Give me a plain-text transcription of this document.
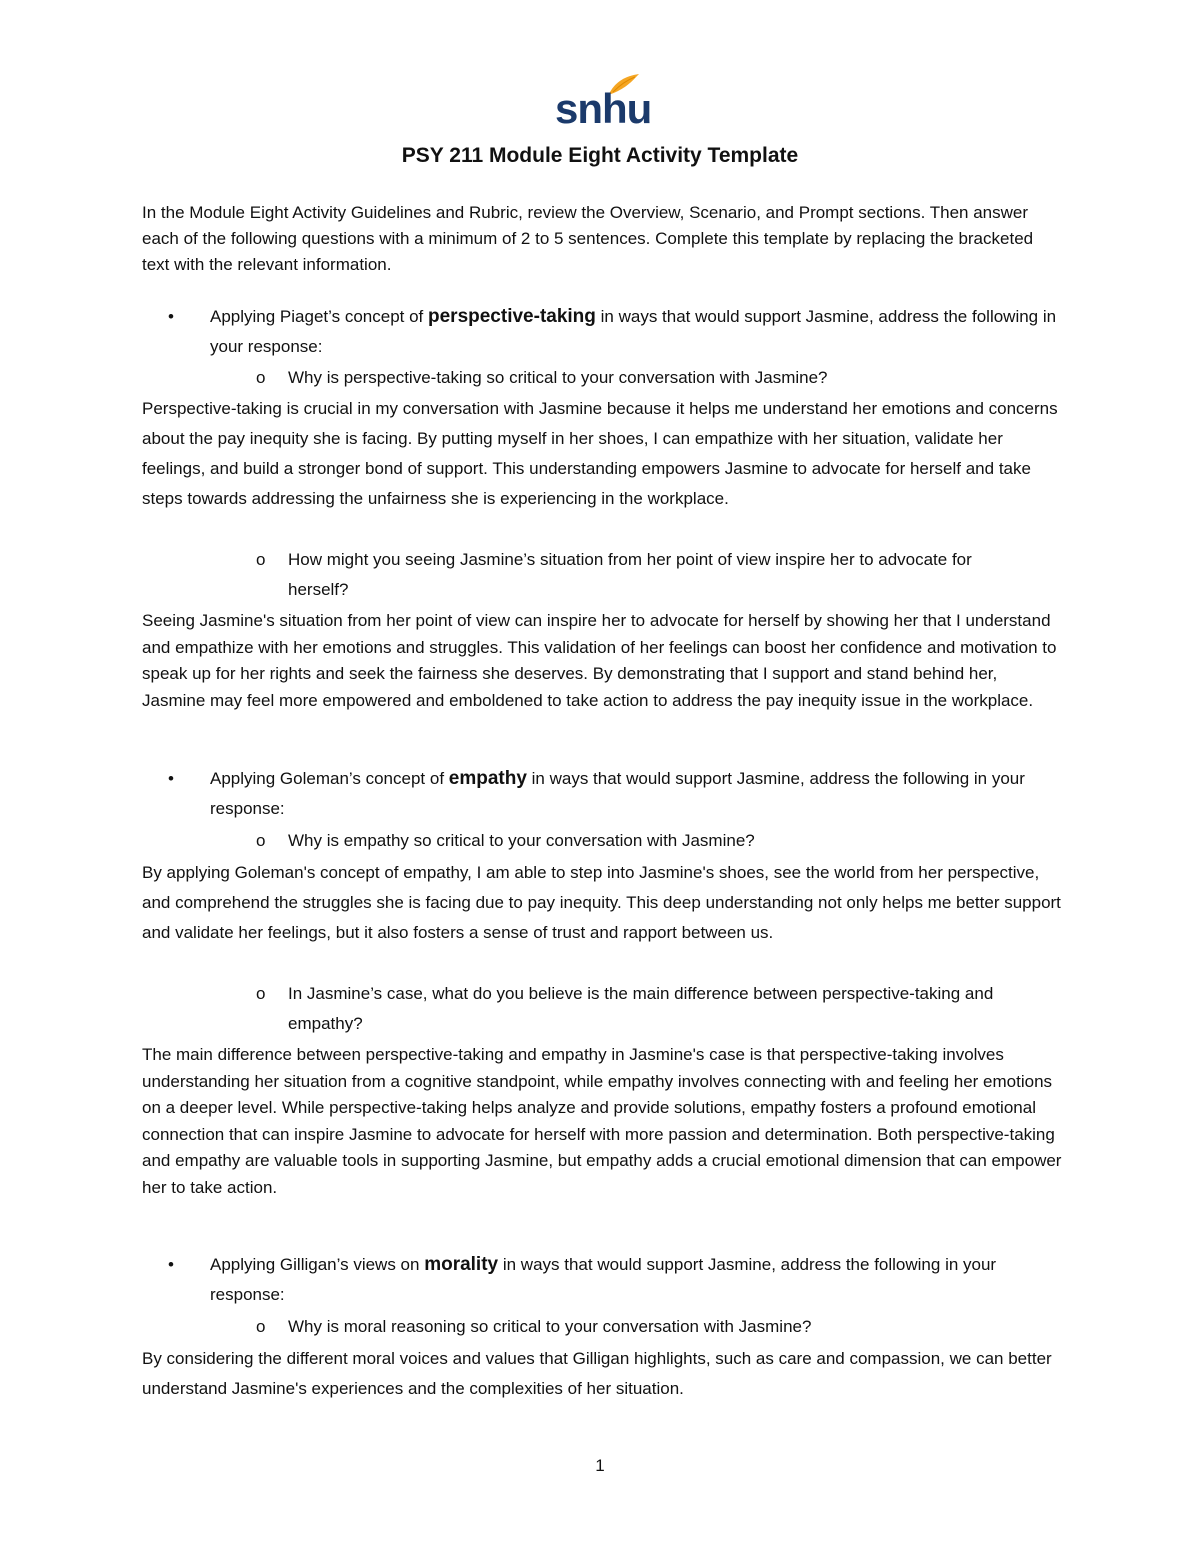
snhu
PSY 211 Module Eight Activity Template

In the Module Eight Activity Guidelines and Rubric, review the Overview, Scenario, and Prompt sections. Then answer each of the following questions with a minimum of 2 to 5 sentences. Complete this template by replacing the bracketed text with the relevant information.

• Applying Piaget’s concept of perspective-taking in ways that would support Jasmine, address the following in your response:
o Why is perspective-taking so critical to your conversation with Jasmine?

Perspective-taking is crucial in my conversation with Jasmine because it helps me understand her emotions and concerns about the pay inequity she is facing. By putting myself in her shoes, I can empathize with her situation, validate her feelings, and build a stronger bond of support. This understanding empowers Jasmine to advocate for herself and take steps towards addressing the unfairness she is experiencing in the workplace.

o How might you seeing Jasmine’s situation from her point of view inspire her to advocate for herself?

Seeing Jasmine's situation from her point of view can inspire her to advocate for herself by showing her that I understand and empathize with her emotions and struggles. This validation of her feelings can boost her confidence and motivation to speak up for her rights and seek the fairness she deserves. By demonstrating that I support and stand behind her, Jasmine may feel more empowered and emboldened to take action to address the pay inequity issue in the workplace.

• Applying Goleman’s concept of empathy in ways that would support Jasmine, address the following in your response:
o Why is empathy so critical to your conversation with Jasmine?

By applying Goleman's concept of empathy, I am able to step into Jasmine's shoes, see the world from her perspective, and comprehend the struggles she is facing due to pay inequity. This deep understanding not only helps me better support and validate her feelings, but it also fosters a sense of trust and rapport between us.

o In Jasmine’s case, what do you believe is the main difference between perspective-taking and empathy?

The main difference between perspective-taking and empathy in Jasmine's case is that perspective-taking involves understanding her situation from a cognitive standpoint, while empathy involves connecting with and feeling her emotions on a deeper level. While perspective-taking helps analyze and provide solutions, empathy fosters a profound emotional connection that can inspire Jasmine to advocate for herself with more passion and determination. Both perspective-taking and empathy are valuable tools in supporting Jasmine, but empathy adds a crucial emotional dimension that can empower her to take action.

• Applying Gilligan’s views on morality in ways that would support Jasmine, address the following in your response:
o Why is moral reasoning so critical to your conversation with Jasmine?

By considering the different moral voices and values that Gilligan highlights, such as care and compassion, we can better understand Jasmine's experiences and the complexities of her situation.

1
